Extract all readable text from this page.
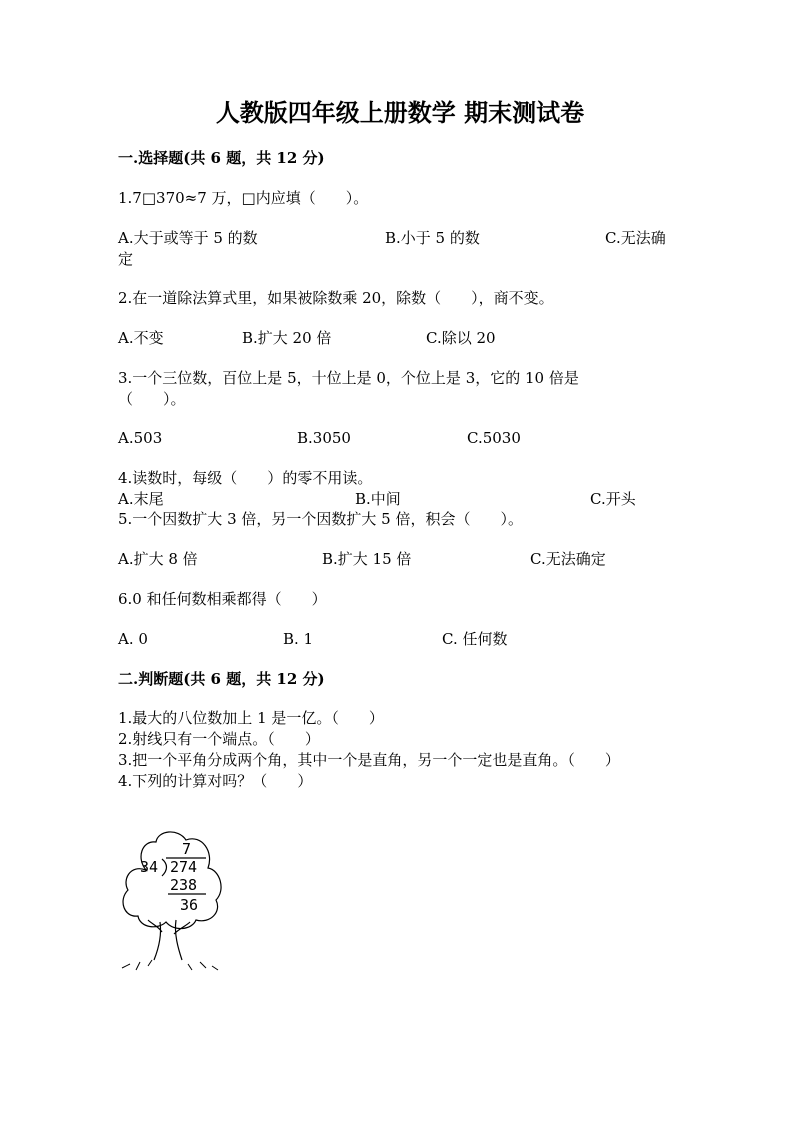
人教版四年级上册数学 期末测试卷
一.选择题(共 6 题，共 12 分)
1.7□370≈7 万，□内应填（　　）。
A.大于或等于 5 的数	B.小于 5 的数	C.无法确
定
2.在一道除法算式里，如果被除数乘 20，除数（　　），商不变。
A.不变	B.扩大 20 倍	C.除以 20
3.一个三位数，百位上是 5，十位上是 0，个位上是 3，它的 10 倍是
（　　）。
A.503	B.3050	C.5030
4.读数时，每级（　　）的零不用读。
A.末尾	B.中间	C.开头
5.一个因数扩大 3 倍，另一个因数扩大 5 倍，积会（　　）。
A.扩大 8 倍	B.扩大 15 倍	C.无法确定
6.0 和任何数相乘都得（　　）
A. 0	B. 1	C. 任何数
二.判断题(共 6 题，共 12 分)
1.最大的八位数加上 1 是一亿。（　　）
2.射线只有一个端点。（　　）
3.把一个平角分成两个角，其中一个是直角，另一个一定也是直角。（　　）
4.下列的计算对吗？（　　）
7
34 274
238
36
